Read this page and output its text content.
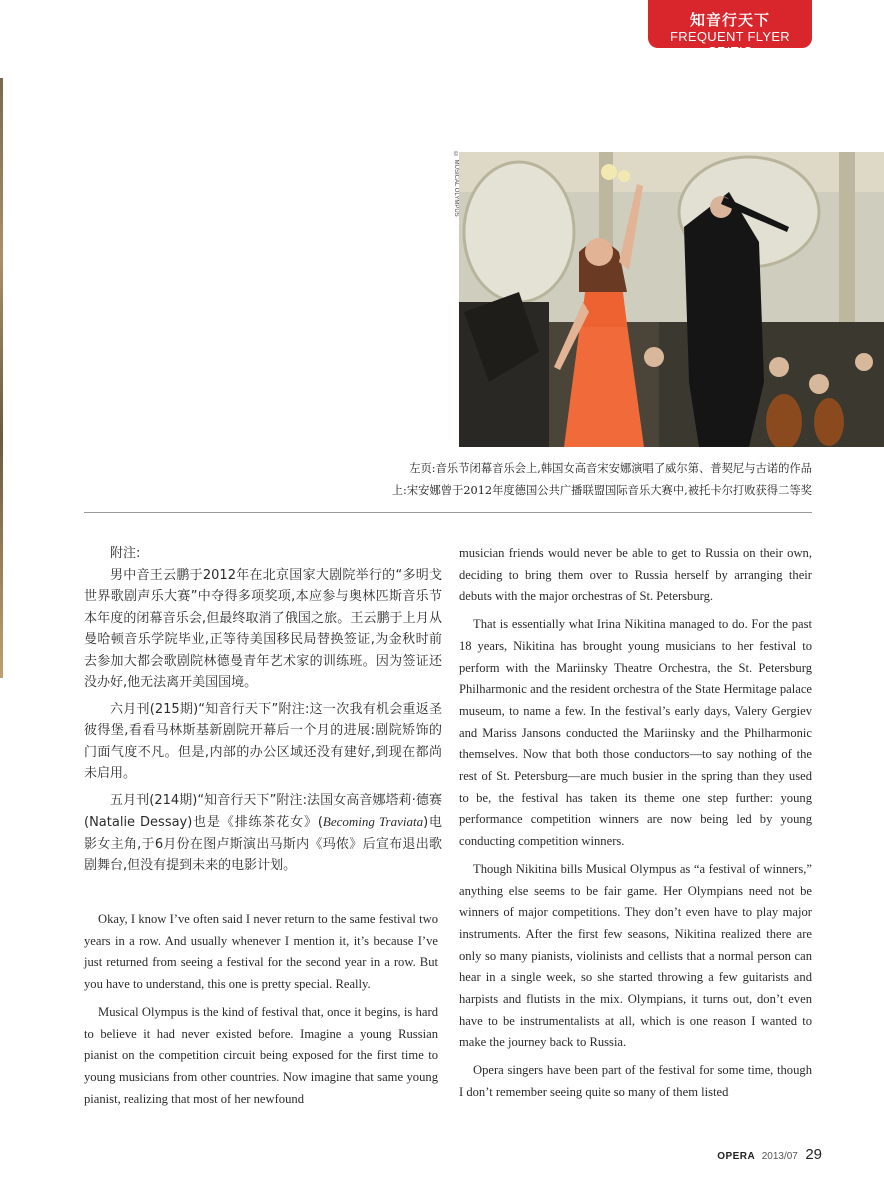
知音行天下
FREQUENT FLYER CRITIC
© MUSICAL OLYMPUS
左页:音乐节闭幕音乐会上,韩国女高音宋安娜演唱了威尔第、普契尼与古诺的作品
上:宋安娜曾于2012年度德国公共广播联盟国际音乐大赛中,被托卡尔打败获得二等奖

附注:

男中音王云鹏于2012年在北京国家大剧院举行的“多明戈世界歌剧声乐大赛”中夺得多项奖项,本应参与奥林匹斯音乐节本年度的闭幕音乐会,但最终取消了俄国之旅。王云鹏于上月从曼哈顿音乐学院毕业,正等待美国移民局替换签证,为金秋时前去参加大都会歌剧院林德曼青年艺术家的训练班。因为签证还没办好,他无法离开美国国境。

六月刊(215期)“知音行天下”附注:这一次我有机会重返圣彼得堡,看看马林斯基新剧院开幕后一个月的进展:剧院矫饰的门面气度不凡。但是,内部的办公区域还没有建好,到现在都尚未启用。

五月刊(214期)“知音行天下”附注:法国女高音娜塔莉·德赛(Natalie Dessay)也是《排练茶花女》(Becoming Traviata)电影女主角,于6月份在图卢斯演出马斯内《玛侬》后宣布退出歌剧舞台,但没有提到未来的电影计划。

Okay, I know I’ve often said I never return to the same festival two years in a row. And usually whenever I mention it, it’s because I’ve just returned from seeing a festival for the second year in a row. But you have to understand, this one is pretty special. Really.

Musical Olympus is the kind of festival that, once it begins, is hard to believe it had never existed before. Imagine a young Russian pianist on the competition circuit being exposed for the first time to young musicians from other countries. Now imagine that same young pianist, realizing that most of her newfound

musician friends would never be able to get to Russia on their own, deciding to bring them over to Russia herself by arranging their debuts with the major orchestras of St. Petersburg.

That is essentially what Irina Nikitina managed to do. For the past 18 years, Nikitina has brought young musicians to her festival to perform with the Mariinsky Theatre Orchestra, the St. Petersburg Philharmonic and the resident orchestra of the State Hermitage palace museum, to name a few. In the festival’s early days, Valery Gergiev and Mariss Jansons conducted the Mariinsky and the Philharmonic themselves. Now that both those conductors—to say nothing of the rest of St. Petersburg—are much busier in the spring than they used to be, the festival has taken its theme one step further: young performance competition winners are now being led by young conducting competition winners.

Though Nikitina bills Musical Olympus as “a festival of winners,” anything else seems to be fair game. Her Olympians need not be winners of major competitions. They don’t even have to play major instruments. After the first few seasons, Nikitina realized there are only so many pianists, violinists and cellists that a normal person can hear in a single week, so she started throwing a few guitarists and harpists and flutists in the mix. Olympians, it turns out, don’t even have to be instrumentalists at all, which is one reason I wanted to make the journey back to Russia.

Opera singers have been part of the festival for some time, though I don’t remember seeing quite so many of them listed

OPERA 2013/07 29
